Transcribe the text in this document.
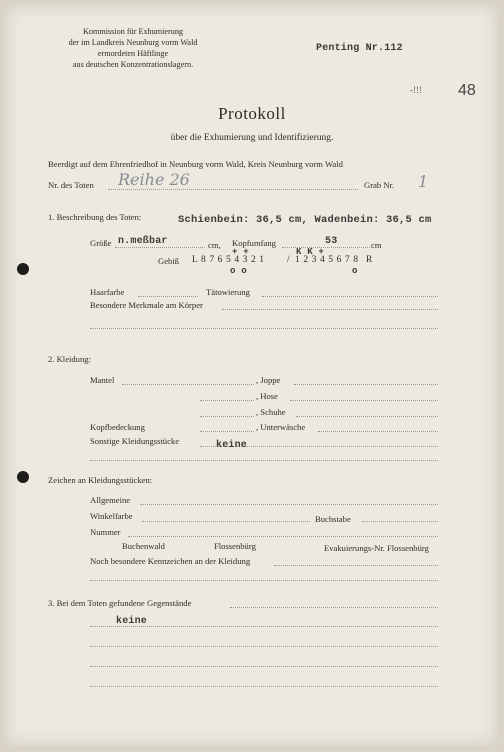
Kommission für Exhumierung
der im Landkreis Neunburg vorm Wald
ermordeten Häftlinge
aus deutschen Konzentrationslagern.
Penting Nr.112
-!!! 48
Protokoll
über die Exhumierung und Identifizierung.
Beerdigt auf dem Ehrenfriedhof in Neunburg vorm Wald, Kreis Neunburg vorm Wald
Nr. des Toten Reihe 26	Grab Nr. 1
1. Beschreibung des Toten:	Schienbein: 36,5 cm, Wadenbein: 36,5 cm
Größe n.meßbar	cm, Kopfumfang	53	cm
+ +	K K +
Gebiß L 8 7 6 5 4 3 2 1 / 1 2 3 4 5 6 7 8 R
o o	o
Haarfarbe	Tätowierung
Besondere Merkmale am Körper
2. Kleidung:
Mantel	, Joppe
, Hose
, Schuhe
Kopfbedeckung	, Unterwäsche
Sonstige Kleidungsstücke	keine
Zeichen an Kleidungsstücken:
Allgemeine
Winkelfarbe	Buchstabe
Nummer
Buchenwald	Flossenbürg	Evakuierungs-Nr. Flossenbürg
Noch besondere Kennzeichen an der Kleidung
3. Bei dem Toten gefundene Gegenstände
keine
